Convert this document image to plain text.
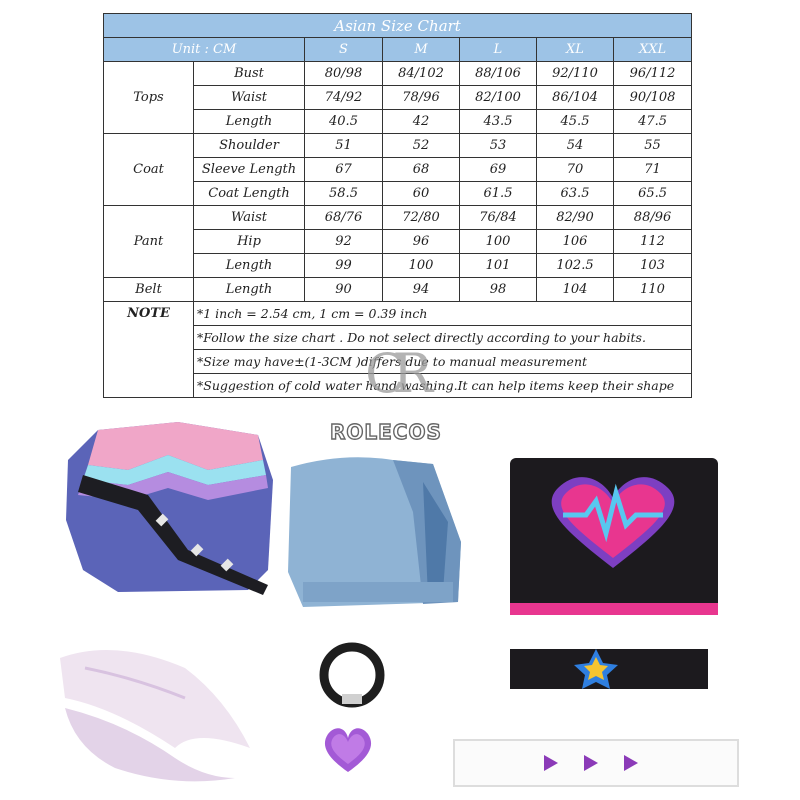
Asian Size Chart						
Unit : CM		S	M	L	XL	XXL
Tops	Bust	80/98	84/102	88/106	92/110	96/112
	Waist	74/92	78/96	82/100	86/104	90/108
	Length	40.5	42	43.5	45.5	47.5
Coat	Shoulder	51	52	53	54	55
	Sleeve Length	67	68	69	70	71
	Coat Length	58.5	60	61.5	63.5	65.5
Pant	Waist	68/76	72/80	76/84	82/90	88/96
	Hip	92	96	100	106	112
	Length	99	100	101	102.5	103
Belt	Length	90	94	98	104	110
NOTE	*1 inch = 2.54 cm, 1 cm = 0.39 inch					
	*Follow the size chart . Do not select directly according to your habits.					
	*Size may have±(1-3CM )differs due to manual measurement					
	*Suggestion of cold water hand washing.It can help items keep their shape					
CR
ROLECOS
